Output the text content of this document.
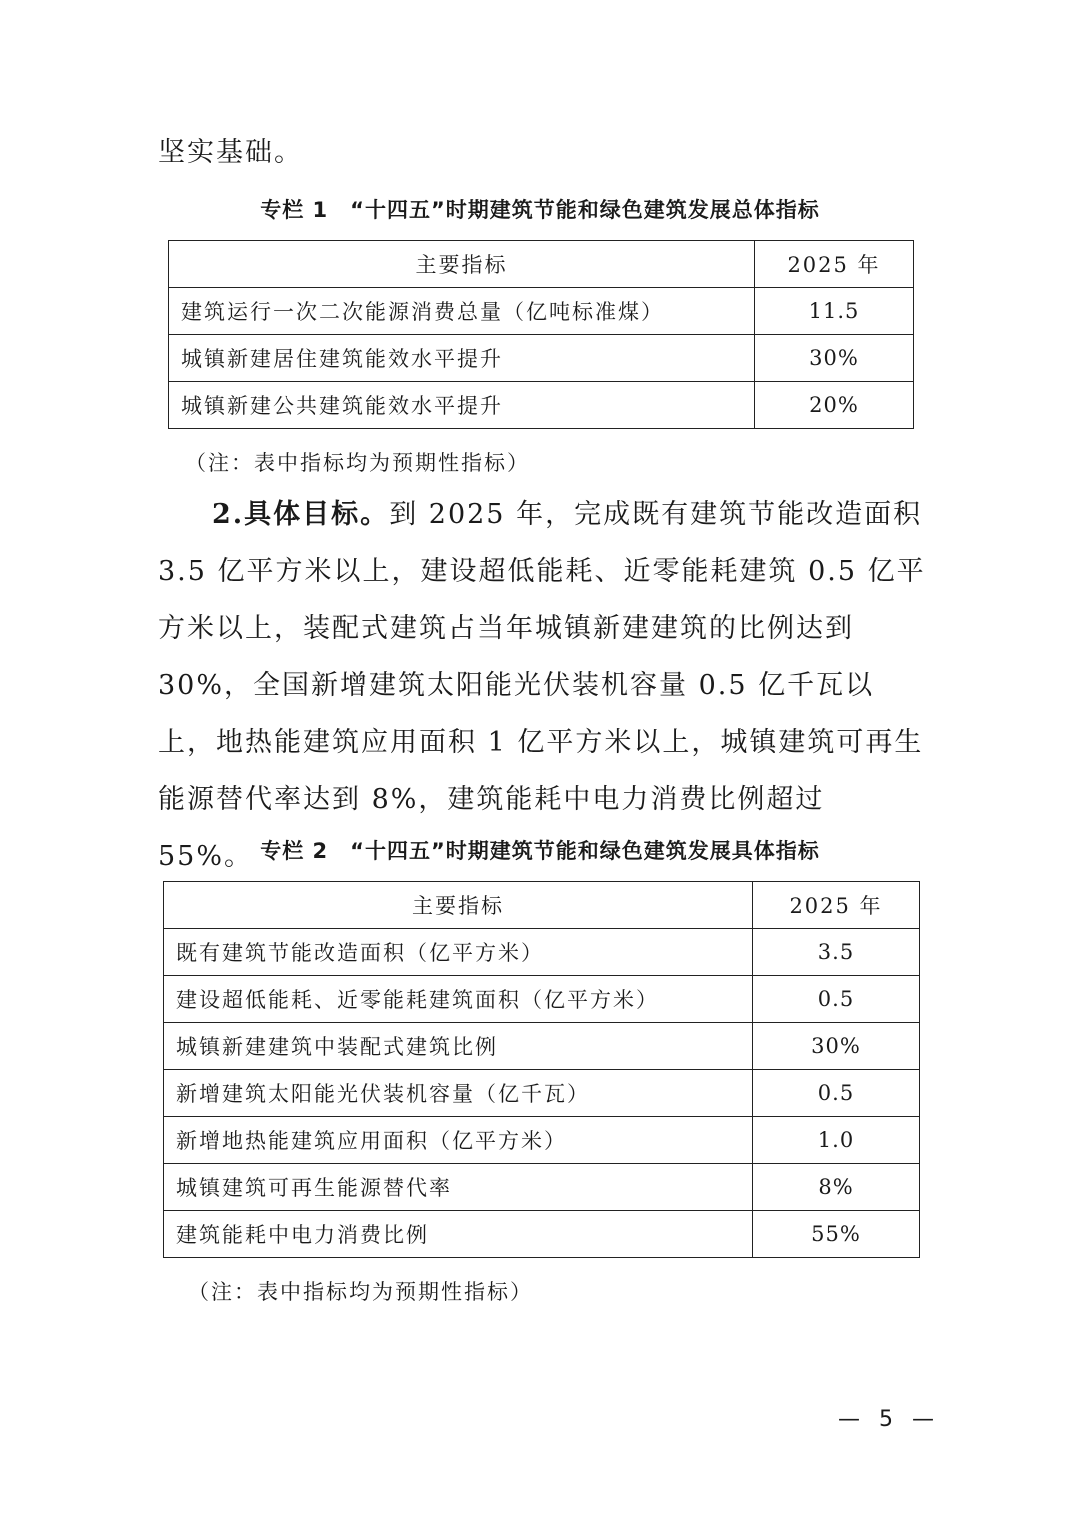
坚实基础。

专栏 1 “十四五”时期建筑节能和绿色建筑发展总体指标

主要指标	2025 年
建筑运行一次二次能源消费总量（亿吨标准煤）	11.5
城镇新建居住建筑能效水平提升	30%
城镇新建公共建筑能效水平提升	20%

（注：表中指标均为预期性指标）

2.具体目标。到 2025 年，完成既有建筑节能改造面积 3.5 亿平方米以上，建设超低能耗、近零能耗建筑 0.5 亿平方米以上，装配式建筑占当年城镇新建建筑的比例达到 30%，全国新增建筑太阳能光伏装机容量 0.5 亿千瓦以上，地热能建筑应用面积 1 亿平方米以上，城镇建筑可再生能源替代率达到 8%，建筑能耗中电力消费比例超过 55%。 专栏 2 “十四五”时期建筑节能和绿色建筑发展具体指标

主要指标	2025 年
既有建筑节能改造面积（亿平方米）	3.5
建设超低能耗、近零能耗建筑面积（亿平方米）	0.5
城镇新建建筑中装配式建筑比例	30%
新增建筑太阳能光伏装机容量（亿千瓦）	0.5
新增地热能建筑应用面积（亿平方米）	1.0
城镇建筑可再生能源替代率	8%
建筑能耗中电力消费比例	55%

（注：表中指标均为预期性指标）

— 5 —
